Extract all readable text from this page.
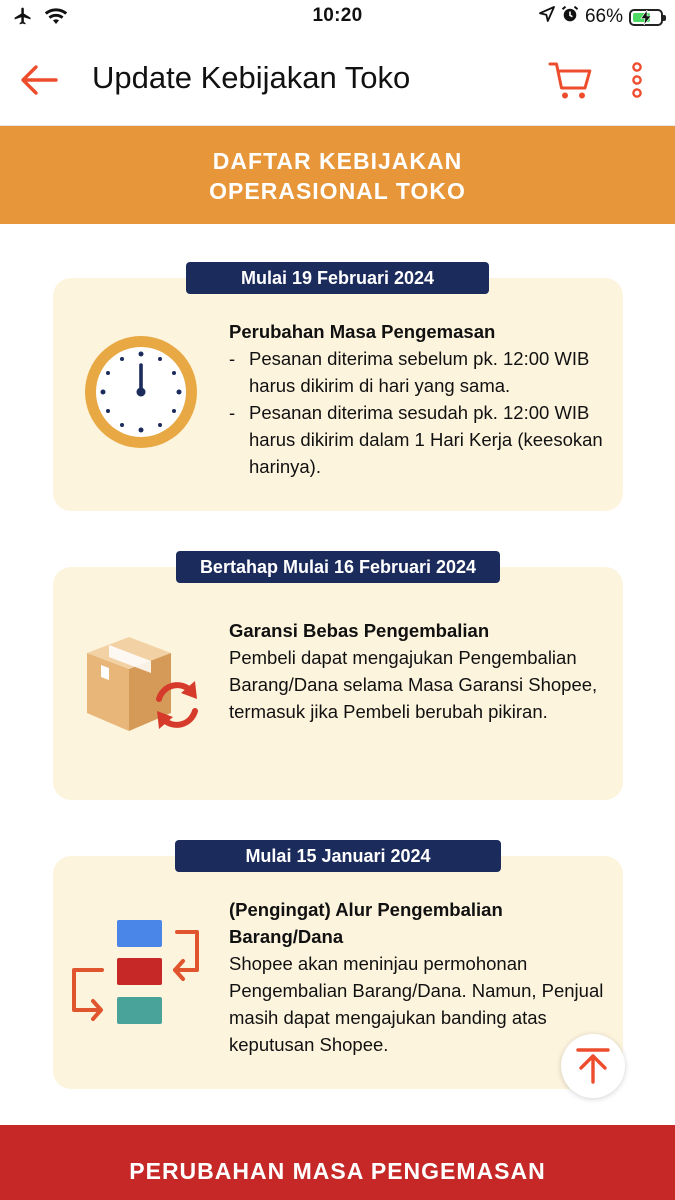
10:20	66%
Update Kebijakan Toko
DAFTAR KEBIJAKAN
OPERASIONAL TOKO
Perubahan Masa Pengemasan
- Pesanan diterima sebelum pk. 12:00 WIB harus dikirim di hari yang sama.
- Pesanan diterima sesudah pk. 12:00 WIB harus dikirim dalam 1 Hari Kerja (keesokan harinya).
Mulai 19 Februari 2024
Garansi Bebas Pengembalian
Pembeli dapat mengajukan Pengembalian Barang/Dana selama Masa Garansi Shopee, termasuk jika Pembeli berubah pikiran.
Bertahap Mulai 16 Februari 2024
(Pengingat) Alur Pengembalian Barang/Dana
Shopee akan meninjau permohonan Pengembalian Barang/Dana. Namun, Penjual masih dapat mengajukan banding atas keputusan Shopee.
Mulai 15 Januari 2024
PERUBAHAN MASA PENGEMASAN
